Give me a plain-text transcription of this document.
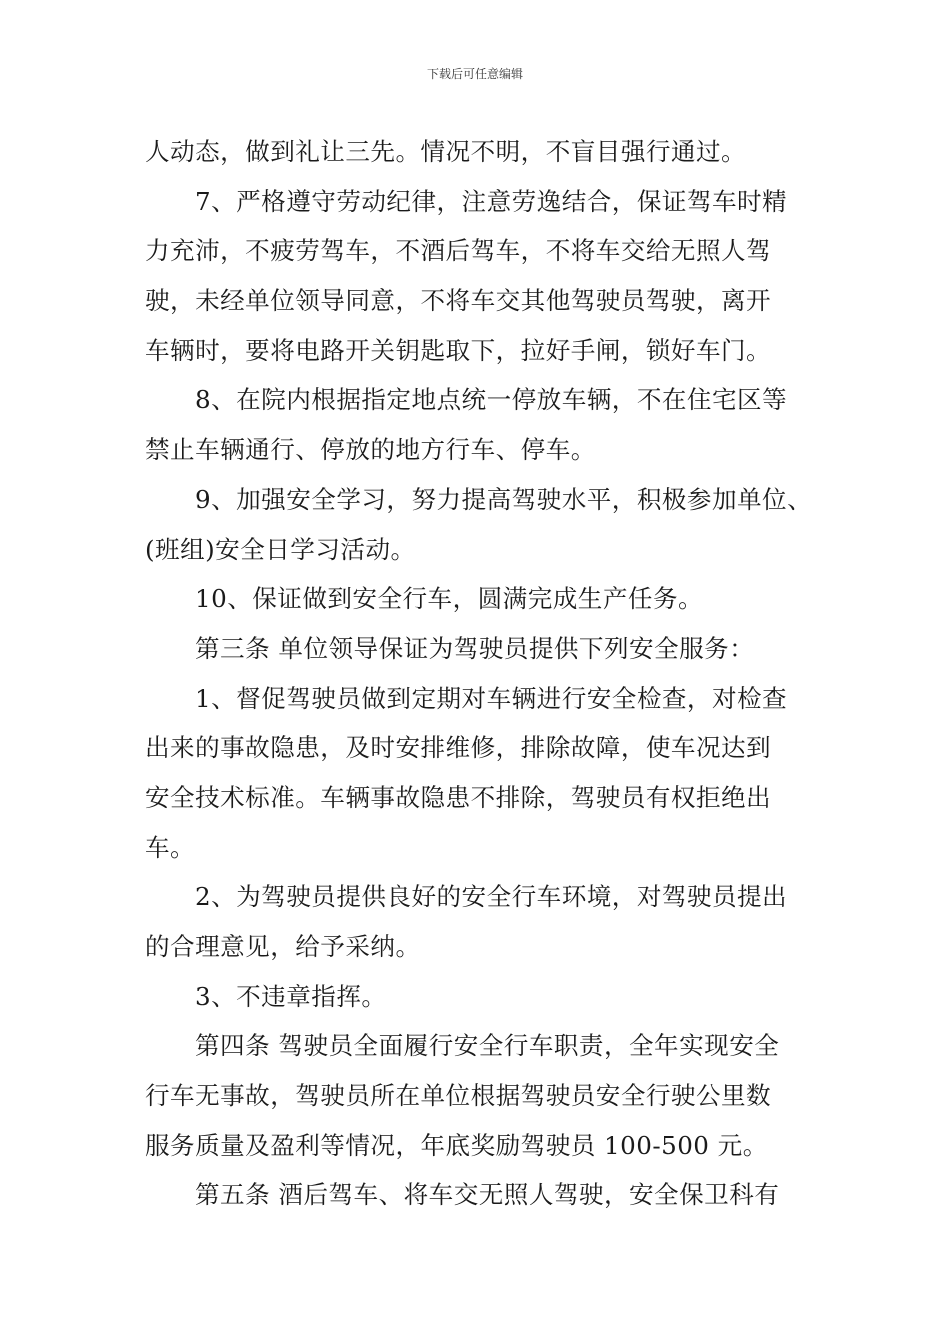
下载后可任意编辑
人动态，做到礼让三先。情况不明，不盲目强行通过。
7、严格遵守劳动纪律，注意劳逸结合，保证驾车时精
力充沛，不疲劳驾车，不酒后驾车，不将车交给无照人驾
驶，未经单位领导同意，不将车交其他驾驶员驾驶，离开
车辆时，要将电路开关钥匙取下，拉好手闸，锁好车门。
8、在院内根据指定地点统一停放车辆，不在住宅区等
禁止车辆通行、停放的地方行车、停车。
9、加强安全学习，努力提高驾驶水平，积极参加单位、
(班组)安全日学习活动。
10、保证做到安全行车，圆满完成生产任务。
第三条 单位领导保证为驾驶员提供下列安全服务：
1、督促驾驶员做到定期对车辆进行安全检查，对检查
出来的事故隐患，及时安排维修，排除故障，使车况达到
安全技术标准。车辆事故隐患不排除，驾驶员有权拒绝出
车。
2、为驾驶员提供良好的安全行车环境，对驾驶员提出
的合理意见，给予采纳。
3、不违章指挥。
第四条 驾驶员全面履行安全行车职责，全年实现安全
行车无事故，驾驶员所在单位根据驾驶员安全行驶公里数
服务质量及盈利等情况，年底奖励驾驶员 100-500 元。
第五条 酒后驾车、将车交无照人驾驶，安全保卫科有
